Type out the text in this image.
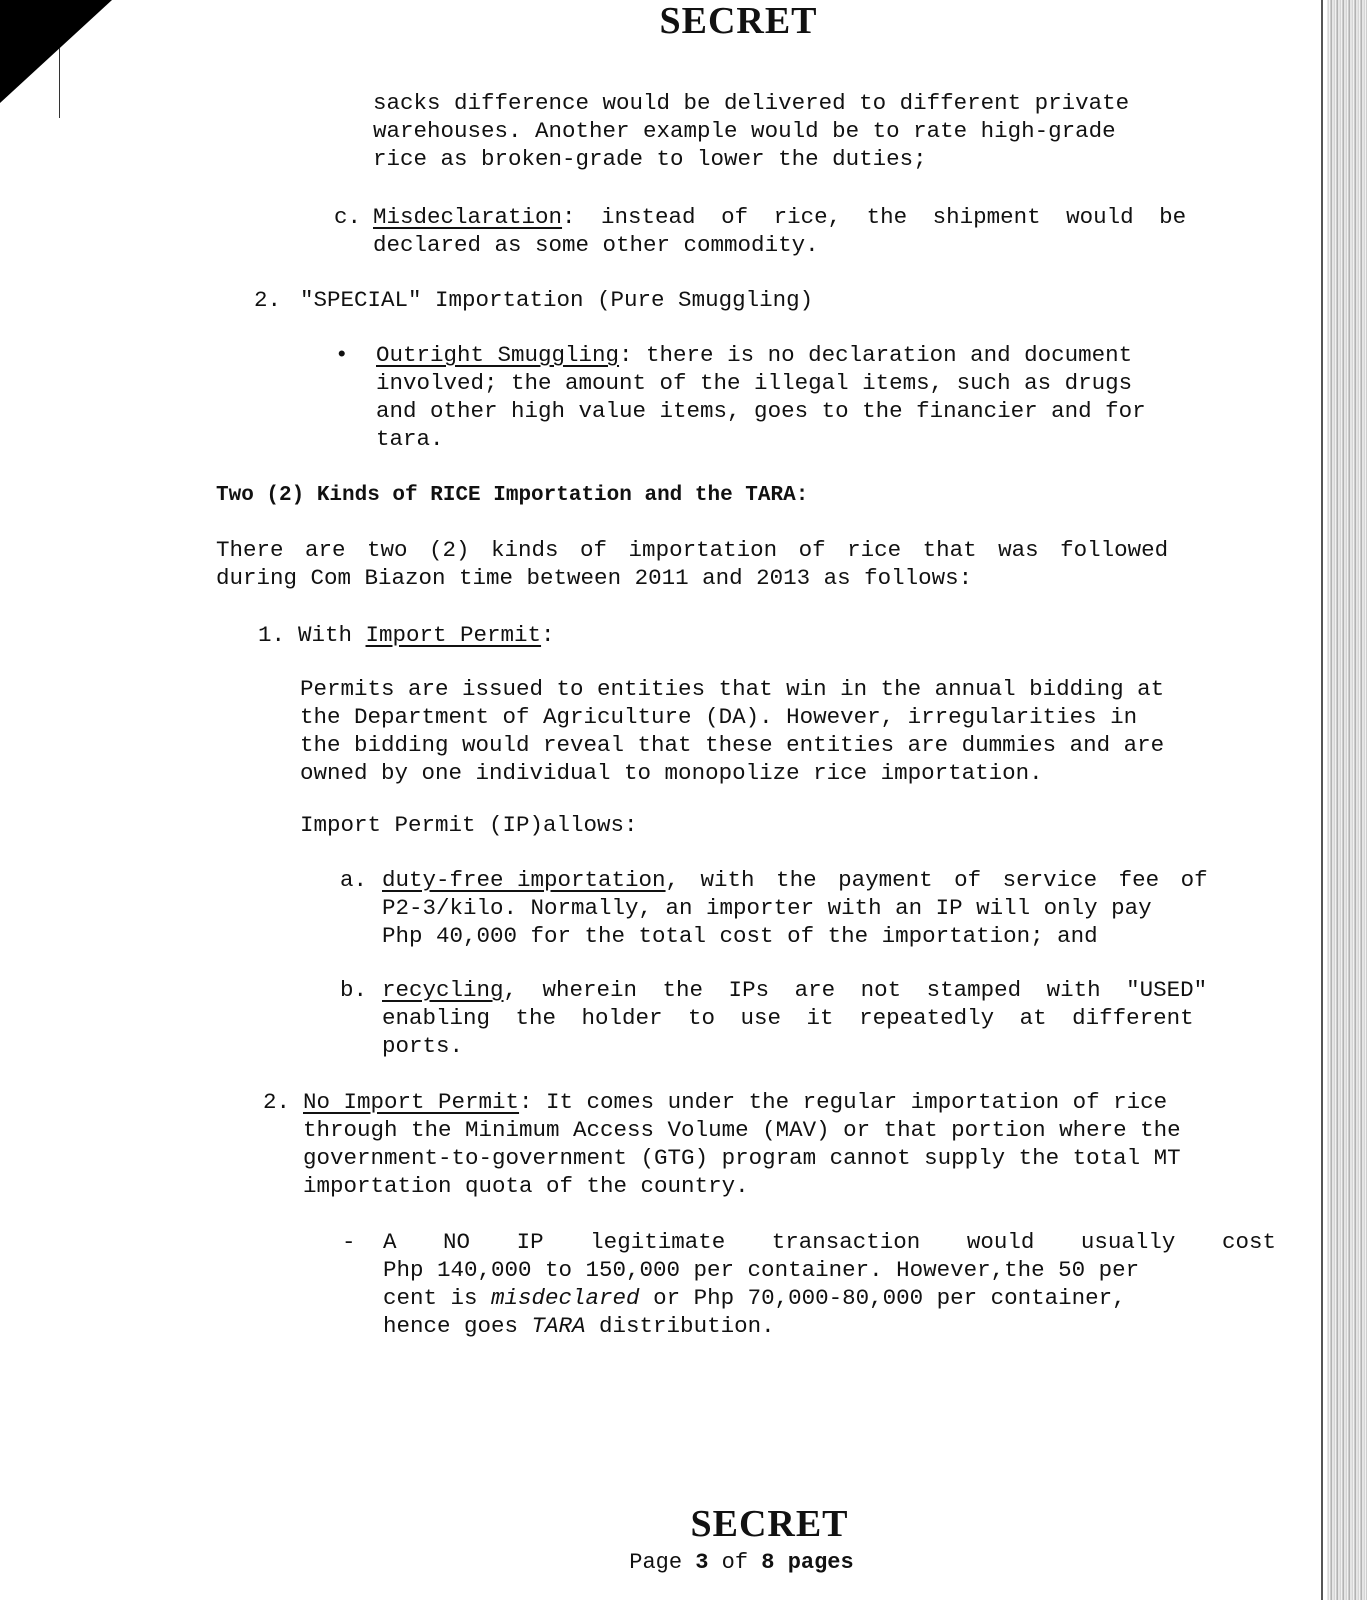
SECRET
sacks difference would be delivered to different private
warehouses. Another example would be to rate high-grade
rice as broken-grade to lower the duties;
c. Misdeclaration: instead of rice, the shipment would be
declared as some other commodity.
2. "SPECIAL" Importation (Pure Smuggling)
• Outright Smuggling: there is no declaration and document
involved; the amount of the illegal items, such as drugs
and other high value items, goes to the financier and for
tara.
Two (2) Kinds of RICE Importation and the TARA:
There are two (2) kinds of importation of rice that was followed
during Com Biazon time between 2011 and 2013 as follows:
1. With Import Permit:
Permits are issued to entities that win in the annual bidding at
the Department of Agriculture (DA). However, irregularities in
the bidding would reveal that these entities are dummies and are
owned by one individual to monopolize rice importation.
Import Permit (IP)allows:
a. duty-free importation, with the payment of service fee of
P2-3/kilo. Normally, an importer with an IP will only pay
Php 40,000 for the total cost of the importation; and
b. recycling, wherein the IPs are not stamped with "USED"
enabling the holder to use it repeatedly at different
ports.
2. No Import Permit: It comes under the regular importation of rice
through the Minimum Access Volume (MAV) or that portion where the
government-to-government (GTG) program cannot supply the total MT
importation quota of the country.
- A NO IP legitimate transaction would usually cost
Php 140,000 to 150,000 per container. However,the 50 per
cent is misdeclared or Php 70,000-80,000 per container,
hence goes TARA distribution.
SECRET
Page 3 of 8 pages
